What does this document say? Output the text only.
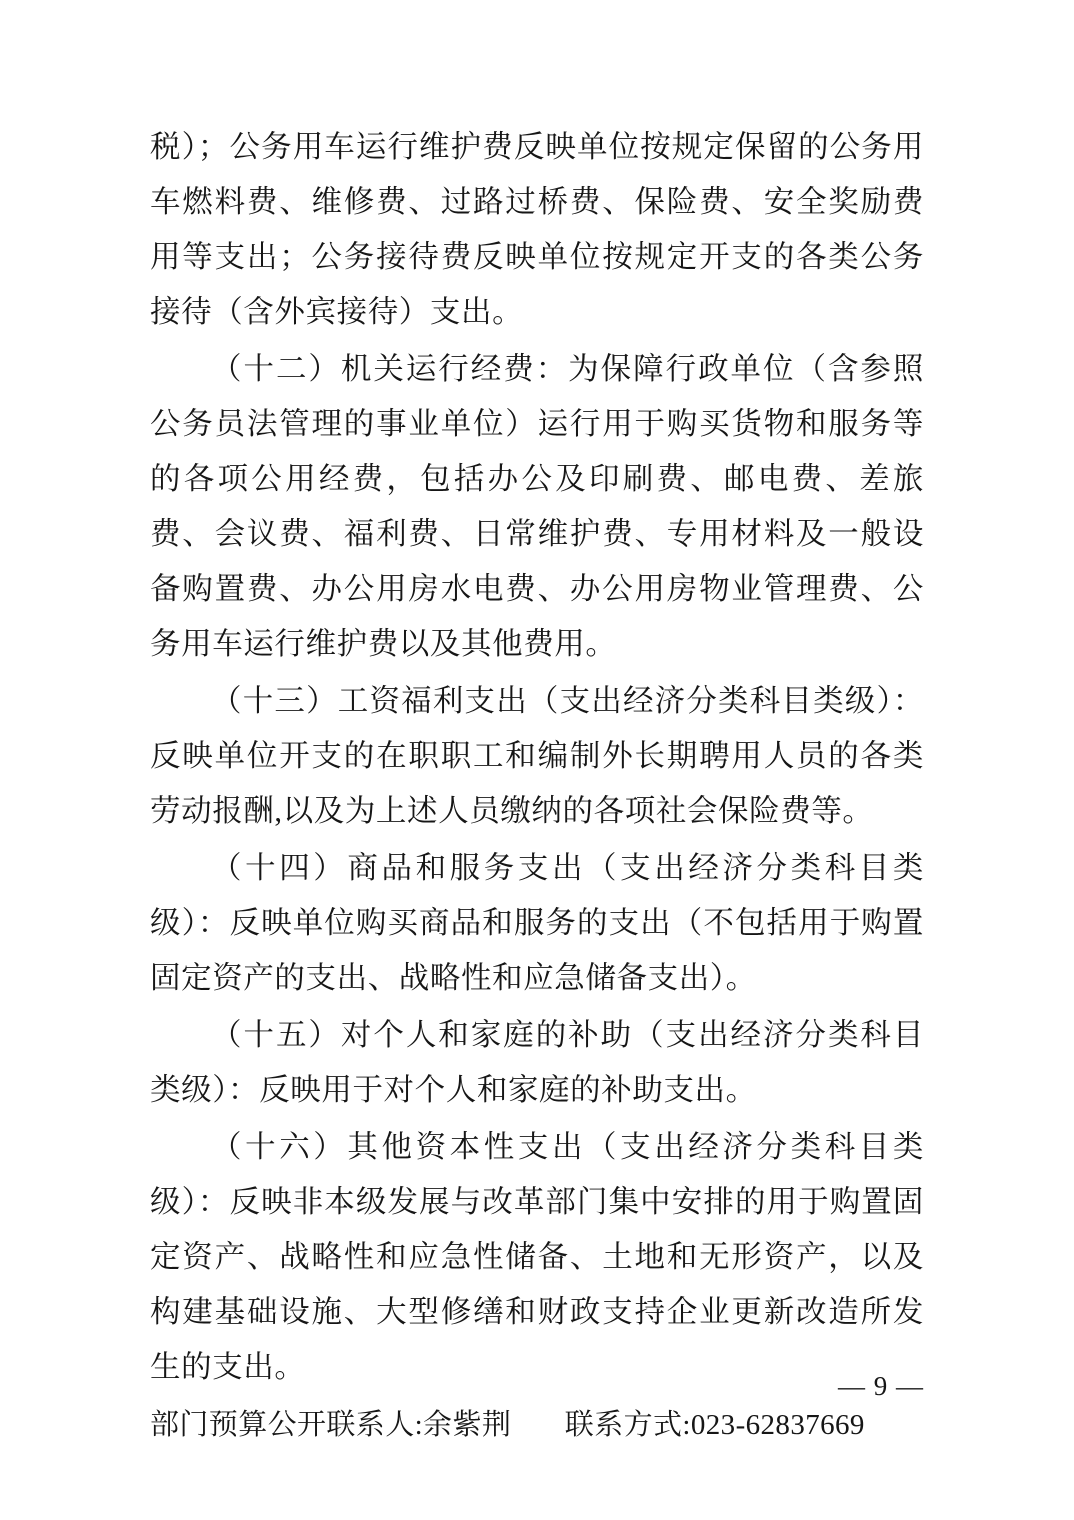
税）；公务用车运行维护费反映单位按规定保留的公务用车燃料费、维修费、过路过桥费、保险费、安全奖励费用等支出；公务接待费反映单位按规定开支的各类公务接待（含外宾接待）支出。

（十二）机关运行经费：为保障行政单位（含参照公务员法管理的事业单位）运行用于购买货物和服务等的各项公用经费，包括办公及印刷费、邮电费、差旅费、会议费、福利费、日常维护费、专用材料及一般设备购置费、办公用房水电费、办公用房物业管理费、公务用车运行维护费以及其他费用。

（十三）工资福利支出（支出经济分类科目类级）：反映单位开支的在职职工和编制外长期聘用人员的各类劳动报酬,以及为上述人员缴纳的各项社会保险费等。

（十四）商品和服务支出（支出经济分类科目类级）：反映单位购买商品和服务的支出（不包括用于购置固定资产的支出、战略性和应急储备支出）。

（十五）对个人和家庭的补助（支出经济分类科目类级）：反映用于对个人和家庭的补助支出。

（十六）其他资本性支出（支出经济分类科目类级）：反映非本级发展与改革部门集中安排的用于购置固定资产、战略性和应急性储备、土地和无形资产，以及构建基础设施、大型修缮和财政支持企业更新改造所发生的支出。

部门预算公开联系人:余紫荆       联系方式:023-62837669

— 9 —
